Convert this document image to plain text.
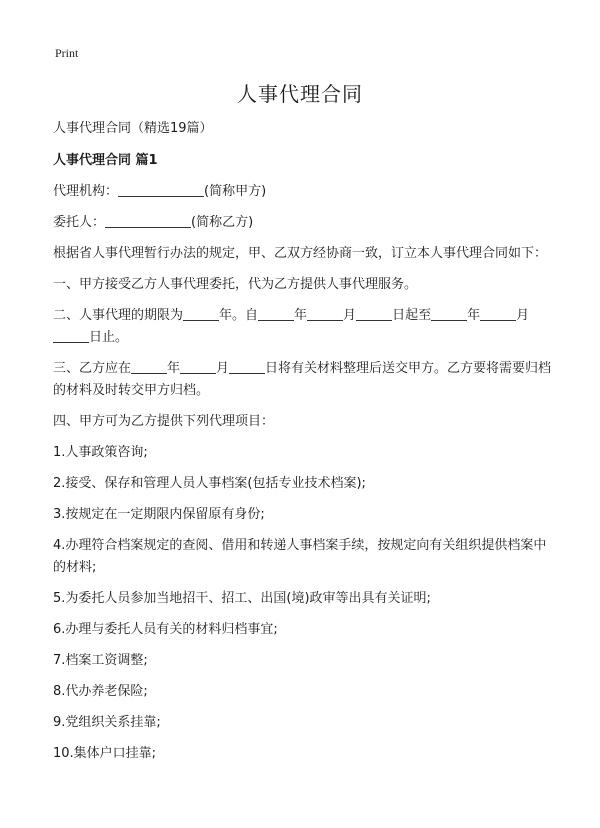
Print
人事代理合同

人事代理合同（精选19篇）

人事代理合同 篇1

代理机构：	(简称甲方)

委托人：	(简称乙方)

根据省人事代理暂行办法的规定，甲、乙双方经协商一致，订立本人事代理合同如下：

一、甲方接受乙方人事代理委托，代为乙方提供人事代理服务。

二、人事代理的期限为	年。自	年	月	日起至	年	月
日止。

三、乙方应在	年	月	日将有关材料整理后送交甲方。乙方要将需要归档的材料及时转交甲方归档。

四、甲方可为乙方提供下列代理项目：

1.人事政策咨询;

2.接受、保存和管理人员人事档案(包括专业技术档案);

3.按规定在一定期限内保留原有身份;

4.办理符合档案规定的查阅、借用和转递人事档案手续，按规定向有关组织提供档案中的材料;

5.为委托人员参加当地招干、招工、出国(境)政审等出具有关证明;

6.办理与委托人员有关的材料归档事宜;

7.档案工资调整;

8.代办养老保险;

9.党组织关系挂靠;

10.集体户口挂靠;
